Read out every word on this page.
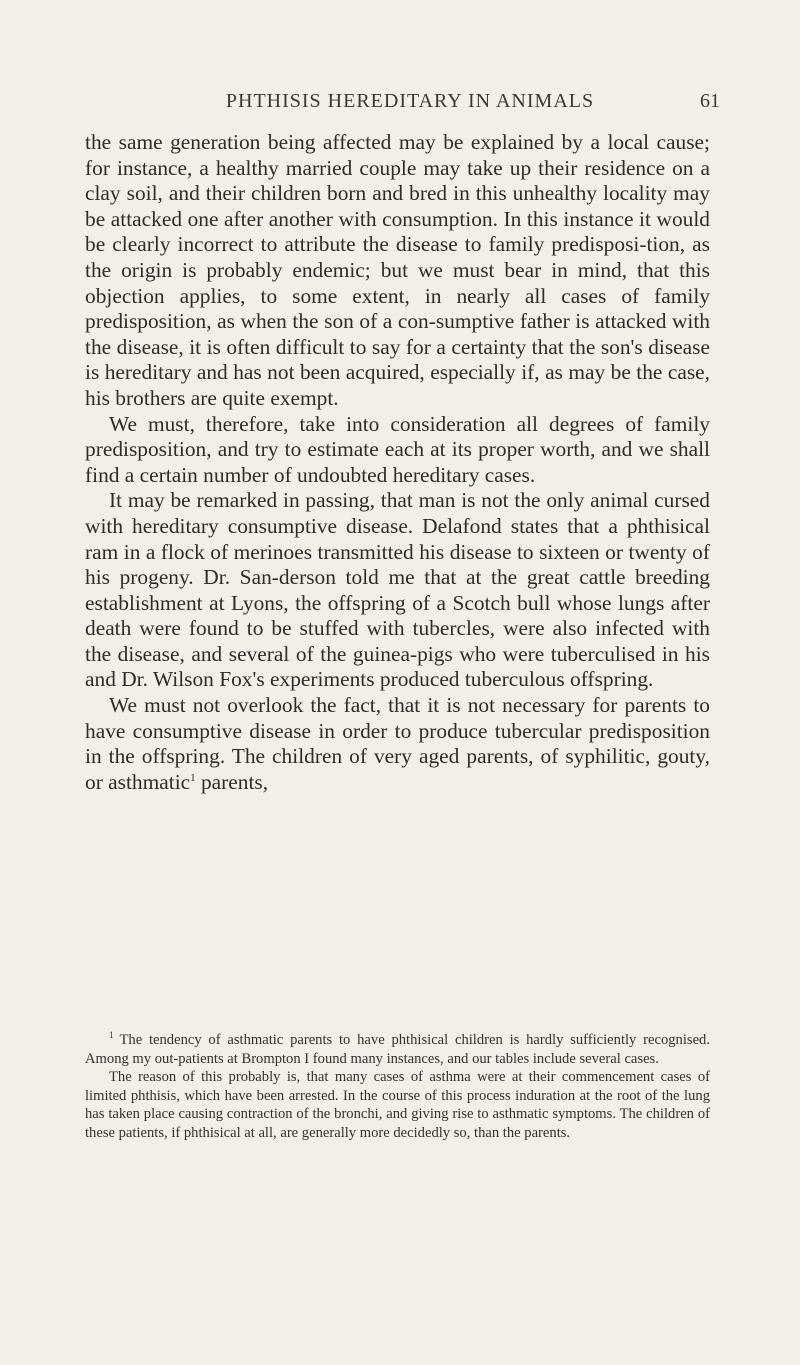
PHTHISIS HEREDITARY IN ANIMALS	61

the same generation being affected may be explained by a local cause; for instance, a healthy married couple may take up their residence on a clay soil, and their children born and bred in this unhealthy locality may be attacked one after another with consumption. In this instance it would be clearly incorrect to attribute the disease to family predisposi-tion, as the origin is probably endemic; but we must bear in mind, that this objection applies, to some extent, in nearly all cases of family predisposition, as when the son of a con-sumptive father is attacked with the disease, it is often difficult to say for a certainty that the son's disease is hereditary and has not been acquired, especially if, as may be the case, his brothers are quite exempt.

We must, therefore, take into consideration all degrees of family predisposition, and try to estimate each at its proper worth, and we shall find a certain number of undoubted hereditary cases.

It may be remarked in passing, that man is not the only animal cursed with hereditary consumptive disease. Delafond states that a phthisical ram in a flock of merinoes transmitted his disease to sixteen or twenty of his progeny. Dr. San-derson told me that at the great cattle breeding establishment at Lyons, the offspring of a Scotch bull whose lungs after death were found to be stuffed with tubercles, were also infected with the disease, and several of the guinea-pigs who were tuberculised in his and Dr. Wilson Fox's experiments produced tuberculous offspring.

We must not overlook the fact, that it is not necessary for parents to have consumptive disease in order to produce tubercular predisposition in the offspring. The children of very aged parents, of syphilitic, gouty, or asthmatic$^1$ parents,

$^1$ The tendency of asthmatic parents to have phthisical children is hardly sufficiently recognised. Among my out-patients at Brompton I found many instances, and our tables include several cases.

The reason of this probably is, that many cases of asthma were at their commencement cases of limited phthisis, which have been arrested. In the course of this process induration at the root of the lung has taken place causing contraction of the bronchi, and giving rise to asthmatic symptoms. The children of these patients, if phthisical at all, are generally more decidedly so, than the parents.
